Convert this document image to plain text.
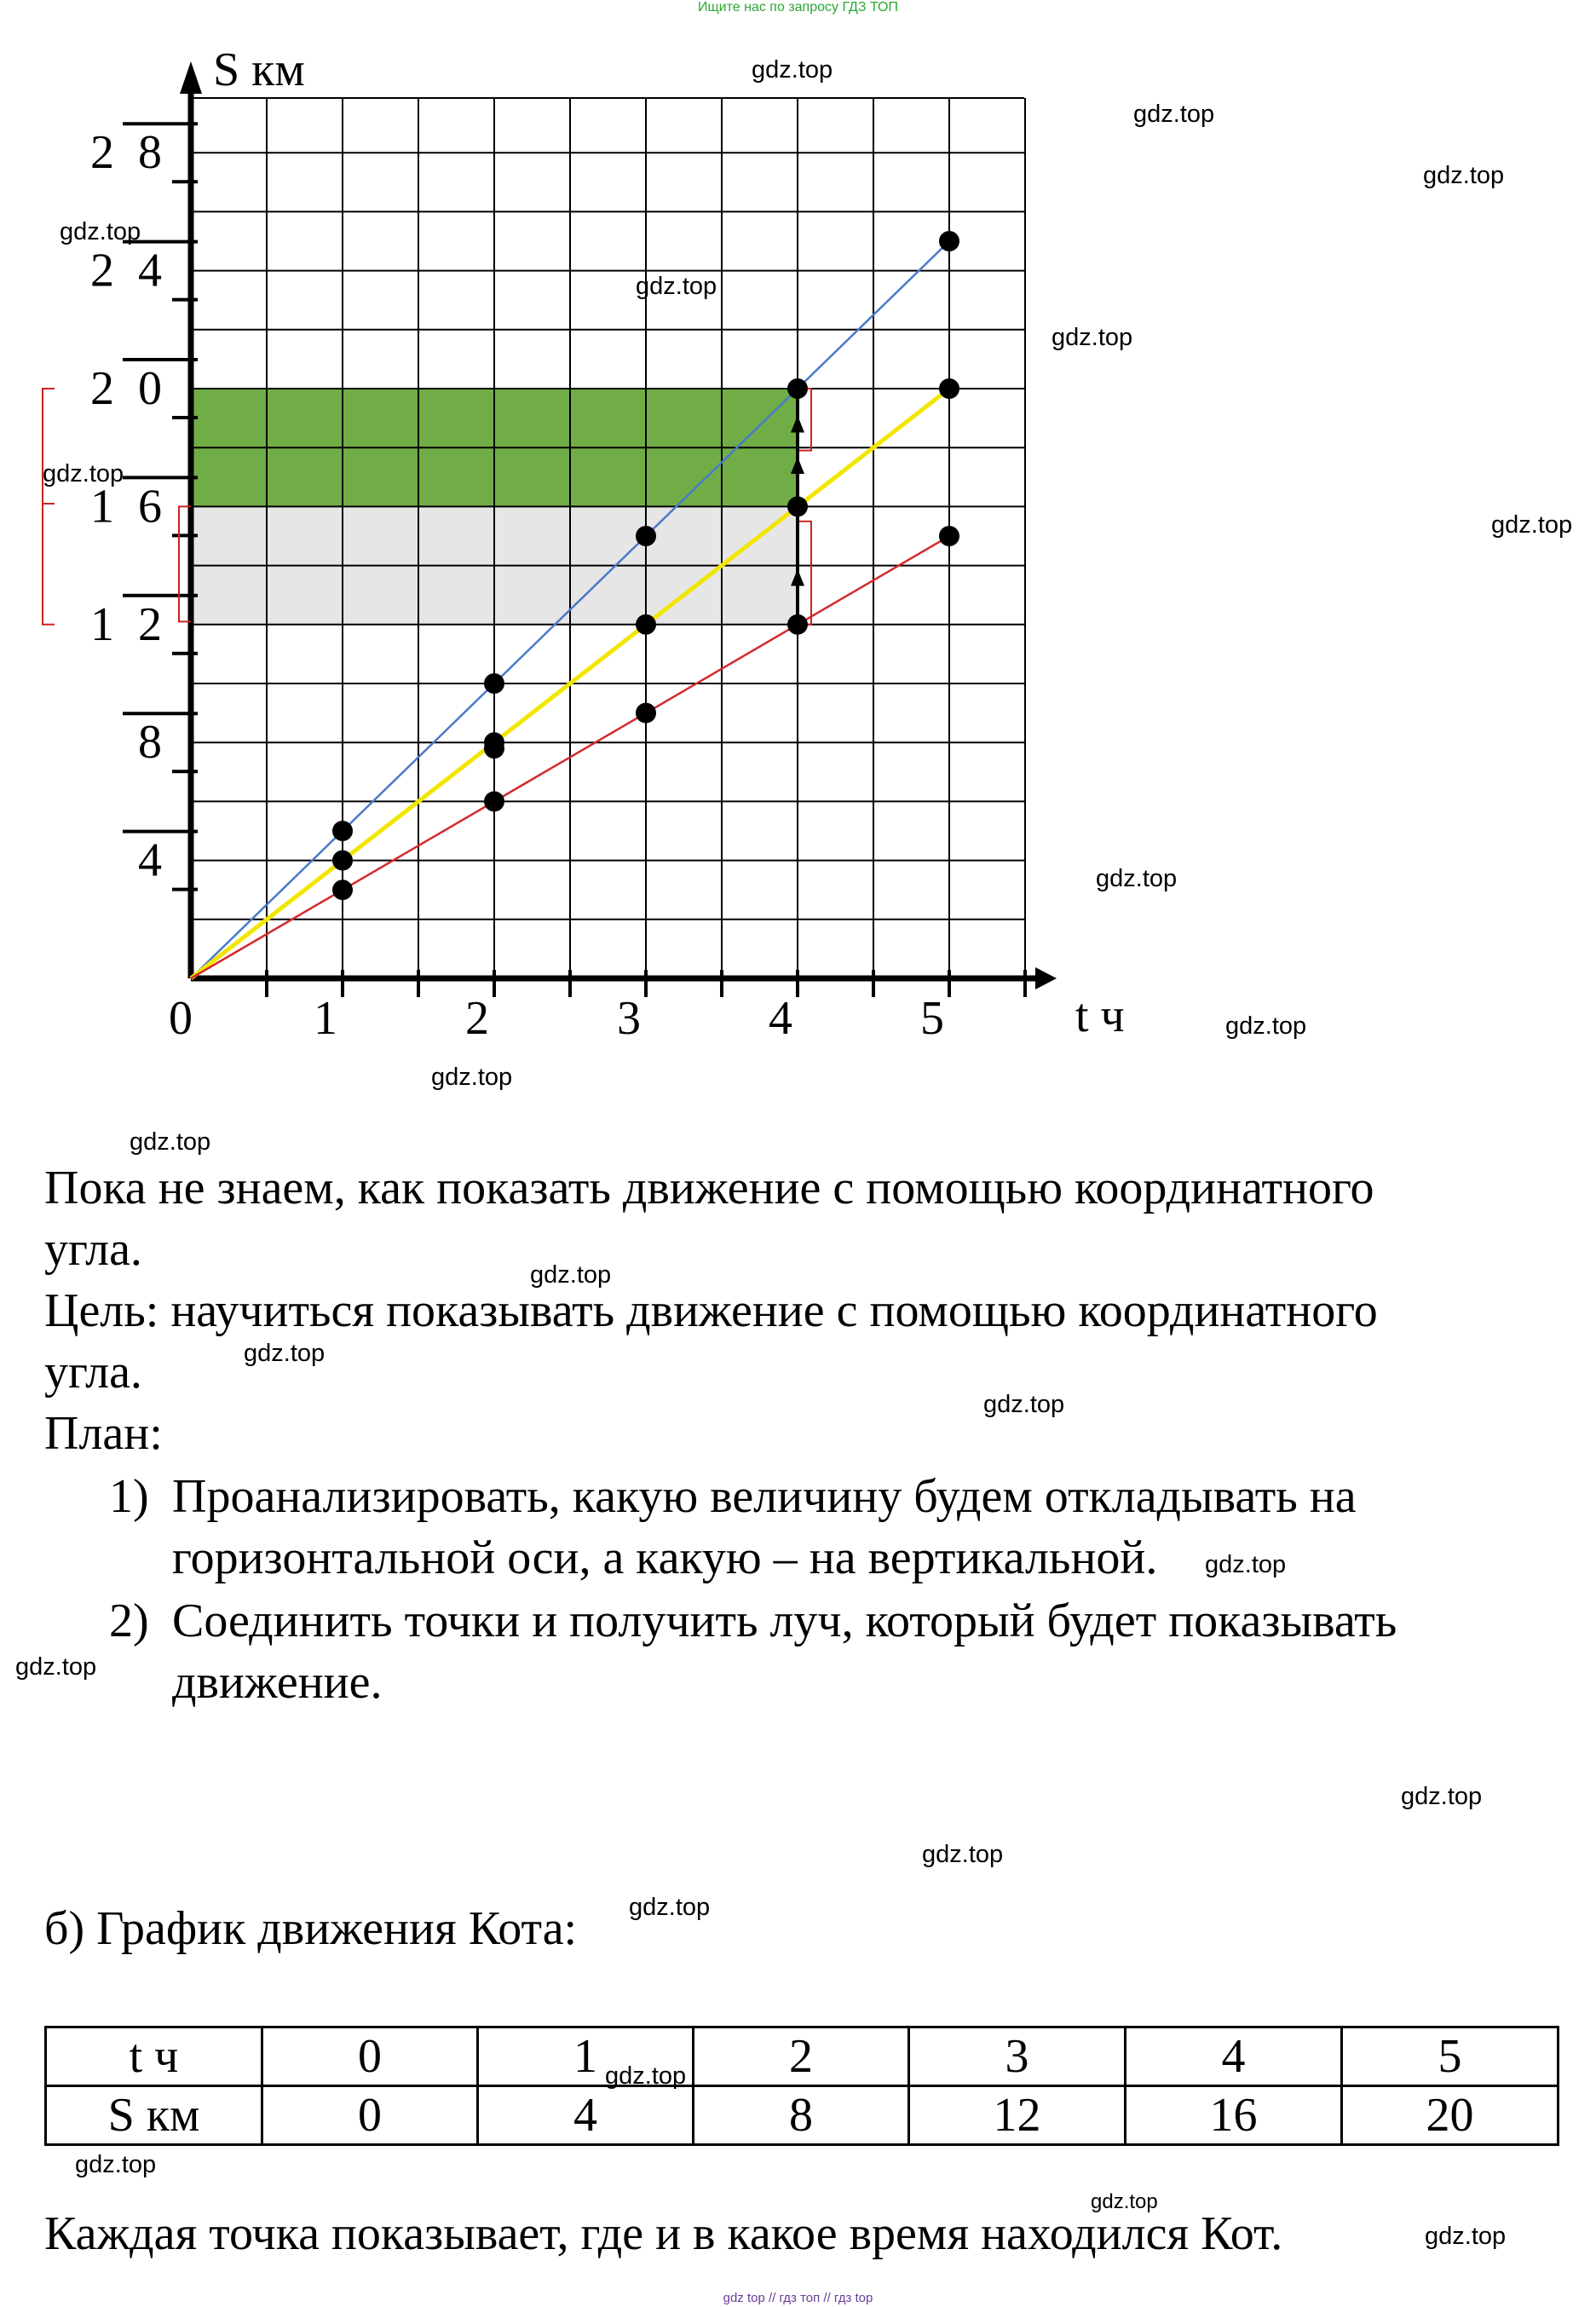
Ищите нас по запросу ГДЗ ТОП
S км
t ч
0	1	2	3	4	5
4
8
1  2
1  6
2  0
2  4
2  8
Пока не знаем, как показать движение с помощью координатного
угла.
Цель: научиться показывать движение с помощью координатного
угла.
План:
1) Проанализировать, какую величину будем откладывать на
горизонтальной оси, а какую – на вертикальной.
2) Соединить точки и получить луч, который будет показывать
движение.
б) График движения Кота:
t ч	0	1	2	3	4	5
S км	0	4	8	12	16	20
Каждая точка показывает, где и в какое время находился Кот.
gdz.top
gdz.top
gdz.top
gdz.top
gdz.top
gdz.top
gdz.top
gdz.top
gdz.top
gdz.top
gdz.top
gdz.top
gdz.top
gdz.top
gdz.top
gdz.top
gdz.top
gdz.top
gdz.top
gdz.top
gdz.top
gdz.top
gdz.top
gdz.top
gdz top // гдз топ // гдз top
